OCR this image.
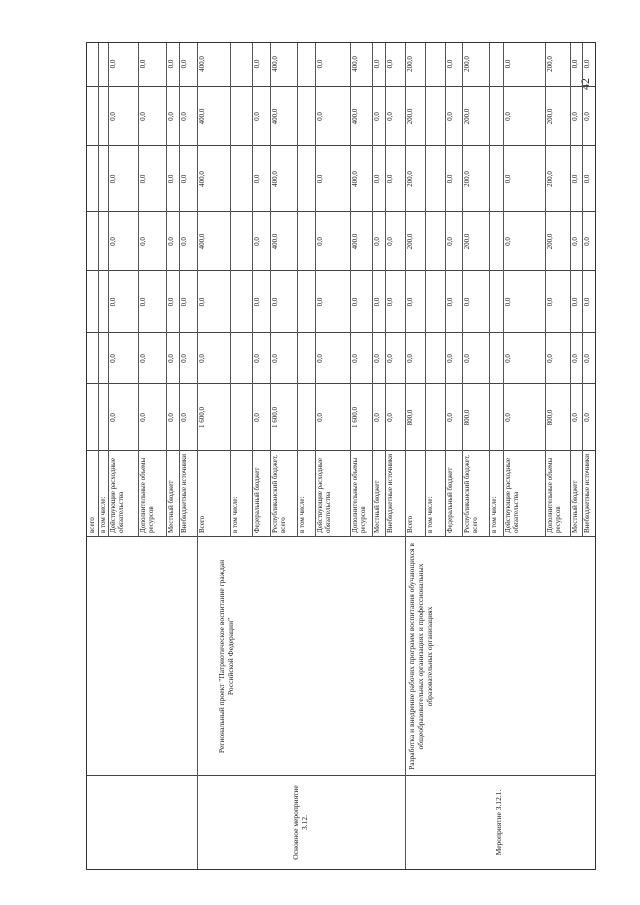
42
всего в том числе: Действующие расходные обязательства
0,0
0,0
0,0
0,0
0,0
0,0
0,0
Дополнительные объемы ресурсов
0,0
0,0
0,0
0,0
0,0
0,0
0,0
Местный бюджет
0,0
0,0
0,0
0,0
0,0
0,0
0,0
Внебюджетные источники
0,0
0,0
0,0
0,0
0,0
0,0
0,0
Всего
1 600,0
0,0
0,0
400,0
400,0
400,0
400,0
в том числе: Федеральный бюджет
0,0
0,0
0,0
0,0
0,0
0,0
0,0
Республиканский бюджет, всего
1 600,0
0,0
0,0
400,0
400,0
400,0
400,0
в том числе: Действующие расходные обязательства
0,0
0,0
0,0
0,0
0,0
0,0
0,0
Дополнительные объемы ресурсов
1 600,0
0,0
0,0
400,0
400,0
400,0
400,0
Местный бюджет
0,0
0,0
0,0
0,0
0,0
0,0
0,0
Внебюджетные источники
0,0
0,0
0,0
0,0
0,0
0,0
0,0
Основное мероприятие 3.12.
Региональный проект "Патриотическое воспитание граждан Российской Федерации"
Всего
800,0
0,0
0,0
200,0
200,0
200,0
200,0
в том числе: Федеральный бюджет
0,0
0,0
0,0
0,0
0,0
0,0
0,0
Республиканский бюджет, всего
800,0
0,0
0,0
200,0
200,0
200,0
200,0
в том числе: Действующие расходные обязательства
0,0
0,0
0,0
0,0
0,0
0,0
0,0
Дополнительные объемы ресурсов
800,0
0,0
0,0
200,0
200,0
200,0
200,0
Местный бюджет
0,0
0,0
0,0
0,0
0,0
0,0
0,0
Внебюджетные источники
0,0
0,0
0,0
0,0
0,0
0,0
0,0
Мероприятие 3.12.1.
Разработка и внедрение рабочих программ воспитания обучающихся в общеобразовательных организациях и профессиональных образовательных организациях
